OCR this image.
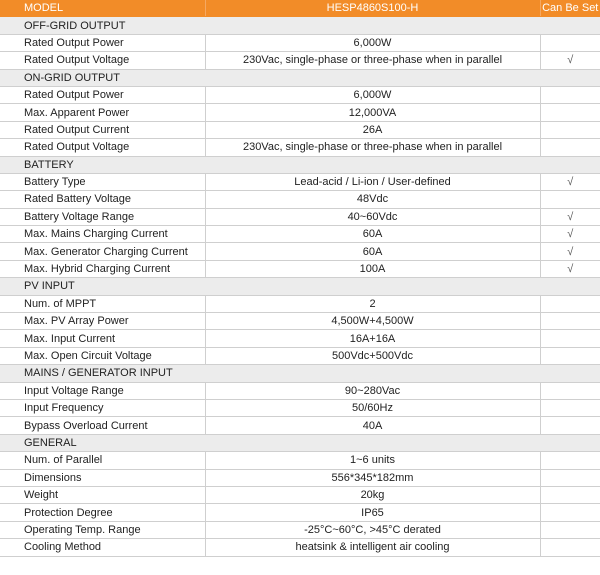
MODEL	HESP4860S100-H	Can Be Set
OFF-GRID OUTPUT		
Rated Output Power	6,000W	
Rated Output Voltage	230Vac, single-phase or three-phase when in parallel	√
ON-GRID OUTPUT		
Rated Output Power	6,000W	
Max. Apparent Power	12,000VA	
Rated Output Current	26A	
Rated Output Voltage	230Vac, single-phase or three-phase when in parallel	
BATTERY		
Battery Type	Lead-acid / Li-ion / User-defined	√
Rated Battery Voltage	48Vdc	
Battery Voltage Range	40~60Vdc	√
Max. Mains Charging Current	60A	√
Max. Generator Charging Current	60A	√
Max. Hybrid Charging Current	100A	√
PV INPUT		
Num. of MPPT	2	
Max. PV Array Power	4,500W+4,500W	
Max. Input Current	16A+16A	
Max. Open Circuit Voltage	500Vdc+500Vdc	
MAINS / GENERATOR INPUT		
Input Voltage Range	90~280Vac	
Input Frequency	50/60Hz	
Bypass Overload Current	40A	
GENERAL		
Num. of Parallel	1~6 units	
Dimensions	556*345*182mm	
Weight	20kg	
Protection Degree	IP65	
Operating Temp. Range	-25°C~60°C, >45°C derated	
Cooling Method	heatsink & intelligent air cooling	
